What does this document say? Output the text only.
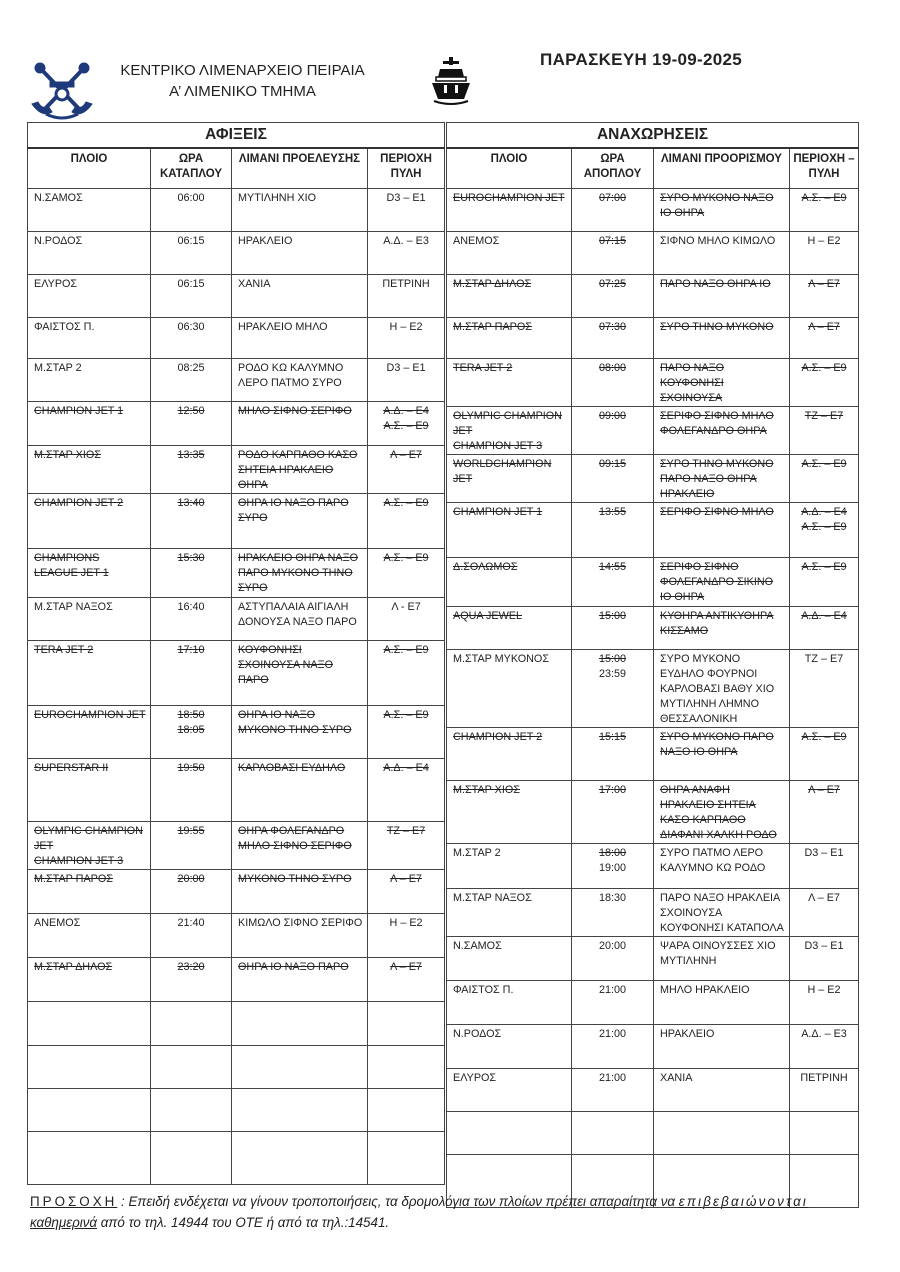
ΚΕΝΤΡΙΚΟ ΛΙΜΕΝΑΡΧΕΙΟ ΠΕΙΡΑΙΑ
Α’ ΛΙΜΕΝΙΚΟ ΤΜΗΜΑ
ΠΑΡΑΣΚΕΥΗ 19-09-2025
ΑΦΙΞΕΙΣ			
ΠΛΟΙΟ	ΩΡΑ ΚΑΤΑΠΛΟΥ	ΛΙΜΑΝΙ ΠΡΟΕΛΕΥΣΗΣ	ΠΕΡΙΟΧΗ ΠΥΛΗ
Ν.ΣΑΜΟΣ	06:00	ΜΥΤΙΛΗΝΗ ΧΙΟ	D3 – E1
Ν.ΡΟΔΟΣ	06:15	ΗΡΑΚΛΕΙΟ	Α.Δ. – Ε3
ΕΛΥΡΟΣ	06:15	ΧΑΝΙΑ	ΠΕΤΡΙΝΗ
ΦΑΙΣΤΟΣ Π.	06:30	ΗΡΑΚΛΕΙΟ ΜΗΛΟ	Η – Ε2
Μ.ΣΤΑΡ 2	08:25	ΡΟΔΟ ΚΩ ΚΑΛΥΜΝΟ ΛΕΡΟ ΠΑΤΜΟ ΣΥΡΟ	D3 – E1
CHAMPION JET 1	12:50	ΜΗΛΟ ΣΙΦΝΟ ΣΕΡΙΦΟ	Α.Δ. – Ε4
Α.Σ. – Ε9

Μ.ΣΤΑΡ ΧΙΟΣ	13:35	ΡΟΔΟ ΚΑΡΠΑΘΟ ΚΑΣΟ ΣΗΤΕΙΑ ΗΡΑΚΛΕΙΟ ΘΗΡΑ	Λ – Ε7
CHAMPION JET 2	13:40	ΘΗΡΑ ΙΟ ΝΑΞΟ ΠΑΡΟ ΣΥΡΟ	Α.Σ. – Ε9
CHAMPIONS LEAGUE JET 1	15:30	ΗΡΑΚΛΕΙΟ ΘΗΡΑ ΝΑΞΟ ΠΑΡΟ ΜΥΚΟΝΟ ΤΗΝΟ ΣΥΡΟ	Α.Σ. – Ε9
Μ.ΣΤΑΡ ΝΑΞΟΣ	16:40	ΑΣΤΥΠΑΛΑΙΑ ΑΙΓΙΑΛΗ ΔΟΝΟΥΣΑ ΝΑΞΟ ΠΑΡΟ	Λ - Ε7
TERA JET 2	17:10	ΚΟΥΦΟΝΗΣΙ ΣΧΟΙΝΟΥΣΑ ΝΑΞΟ ΠΑΡΟ	Α.Σ. – Ε9
EUROCHAMPION JET	18:50
18:05	ΘΗΡΑ ΙΟ ΝΑΞΟ ΜΥΚΟΝΟ ΤΗΝΟ ΣΥΡΟ	Α.Σ. – Ε9
SUPERSTAR II	19:50	ΚΑΡΛΟΒΑΣΙ ΕΥΔΗΛΟ	Α.Δ. – Ε4

OLYMPIC CHAMPION JET
CHAMPION JET 3	19:55	ΘΗΡΑ ΦΟΛΕΓΑΝΔΡΟ ΜΗΛΟ ΣΙΦΝΟ ΣΕΡΙΦΟ	ΤΖ – Ε7
Μ.ΣΤΑΡ ΠΑΡΟΣ	20:00	ΜΥΚΟΝΟ ΤΗΝΟ ΣΥΡΟ	Λ – Ε7
ΑΝΕΜΟΣ	21:40	ΚΙΜΩΛΟ ΣΙΦΝΟ ΣΕΡΙΦΟ	Η – Ε2
Μ.ΣΤΑΡ ΔΗΛΟΣ	23:20	ΘΗΡΑ ΙΟ ΝΑΞΟ ΠΑΡΟ	Λ – Ε7

ΑΝΑΧΩΡΗΣΕΙΣ			
ΠΛΟΙΟ	ΩΡΑ ΑΠΟΠΛΟΥ	ΛΙΜΑΝΙ ΠΡΟΟΡΙΣΜΟΥ	ΠΕΡΙΟΧΗ – ΠΥΛΗ
EUROCHAMPION JET	07:00	ΣΥΡΟ ΜΥΚΟΝΟ ΝΑΞΟ ΙΟ ΘΗΡΑ	Α.Σ. – Ε9
ΑΝΕΜΟΣ	07:15	ΣΙΦΝΟ ΜΗΛΟ ΚΙΜΩΛΟ	Η – Ε2
Μ.ΣΤΑΡ ΔΗΛΟΣ	07:25	ΠΑΡΟ ΝΑΞΟ ΘΗΡΑ ΙΟ	Λ – Ε7
Μ.ΣΤΑΡ ΠΑΡΟΣ	07:30	ΣΥΡΟ ΤΗΝΟ ΜΥΚΟΝΟ	Λ – Ε7
TERA JET 2	08:00	ΠΑΡΟ ΝΑΞΟ ΚΟΥΦΟΝΗΣΙ ΣΧΟΙΝΟΥΣΑ	Α.Σ. – Ε9

OLYMPIC CHAMPION JET
CHAMPION JET 3	09:00	ΣΕΡΙΦΟ ΣΙΦΝΟ ΜΗΛΟ ΦΟΛΕΓΑΝΔΡΟ ΘΗΡΑ	ΤΖ – Ε7
WORLDCHAMPION JET	09:15	ΣΥΡΟ ΤΗΝΟ ΜΥΚΟΝΟ ΠΑΡΟ ΝΑΞΟ ΘΗΡΑ ΗΡΑΚΛΕΙΟ	Α.Σ. – Ε9
CHAMPION JET 1	13:55	ΣΕΡΙΦΟ ΣΙΦΝΟ ΜΗΛΟ	Α.Δ. – Ε4
Α.Σ. – Ε9

Δ.ΣΟΛΩΜΟΣ	14:55	ΣΕΡΙΦΟ ΣΙΦΝΟ ΦΟΛΕΓΑΝΔΡΟ ΣΙΚΙΝΟ ΙΟ ΘΗΡΑ	Α.Σ. – Ε9
AQUA JEWEL	15:00	ΚΥΘΗΡΑ ΑΝΤΙΚΥΘΗΡΑ ΚΙΣΣΑΜΟ	Α.Δ. – Ε4
Μ.ΣΤΑΡ ΜΥΚΟΝΟΣ	15:00
23:59	ΣΥΡΟ ΜΥΚΟΝΟ ΕΥΔΗΛΟ ΦΟΥΡΝΟΙ ΚΑΡΛΟΒΑΣΙ ΒΑΘΥ ΧΙΟ ΜΥΤΙΛΗΝΗ ΛΗΜΝΟ ΘΕΣΣΑΛΟΝΙΚΗ	ΤΖ – Ε7
CHAMPION JET 2	15:15	ΣΥΡΟ ΜΥΚΟΝΟ ΠΑΡΟ ΝΑΞΟ ΙΟ ΘΗΡΑ	Α.Σ. – Ε9
Μ.ΣΤΑΡ ΧΙΟΣ	17:00	ΘΗΡΑ ΑΝΑΦΗ ΗΡΑΚΛΕΙΟ ΣΗΤΕΙΑ ΚΑΣΟ ΚΑΡΠΑΘΟ ΔΙΑΦΑΝΙ ΧΑΛΚΗ ΡΟΔΟ	Λ – Ε7
Μ.ΣΤΑΡ 2	18:00
19:00	ΣΥΡΟ ΠΑΤΜΟ ΛΕΡΟ ΚΑΛΥΜΝΟ ΚΩ ΡΟΔΟ	D3 – E1
Μ.ΣΤΑΡ ΝΑΞΟΣ	18:30	ΠΑΡΟ ΝΑΞΟ ΗΡΑΚΛΕΙΑ ΣΧΟΙΝΟΥΣΑ ΚΟΥΦΟΝΗΣΙ ΚΑΤΑΠΟΛΑ	Λ – Ε7
Ν.ΣΑΜΟΣ	20:00	ΨΑΡΑ ΟΙΝΟΥΣΣΕΣ ΧΙΟ ΜΥΤΙΛΗΝΗ	D3 – E1
ΦΑΙΣΤΟΣ Π.	21:00	ΜΗΛΟ ΗΡΑΚΛΕΙΟ	Η – Ε2
Ν.ΡΟΔΟΣ	21:00	ΗΡΑΚΛΕΙΟ	Α.Δ. – Ε3
ΕΛΥΡΟΣ	21:00	ΧΑΝΙΑ	ΠΕΤΡΙΝΗ

ΠΡΟΣΟΧΗ : Επειδή ενδέχεται να γίνουν τροποποιήσεις, τα δρομολόγια των πλοίων πρέπει απαραίτητα να επιβεβαιώνονται
καθημερινά από το τηλ. 14944 του ΟΤΕ ή από τα τηλ.:14541.
